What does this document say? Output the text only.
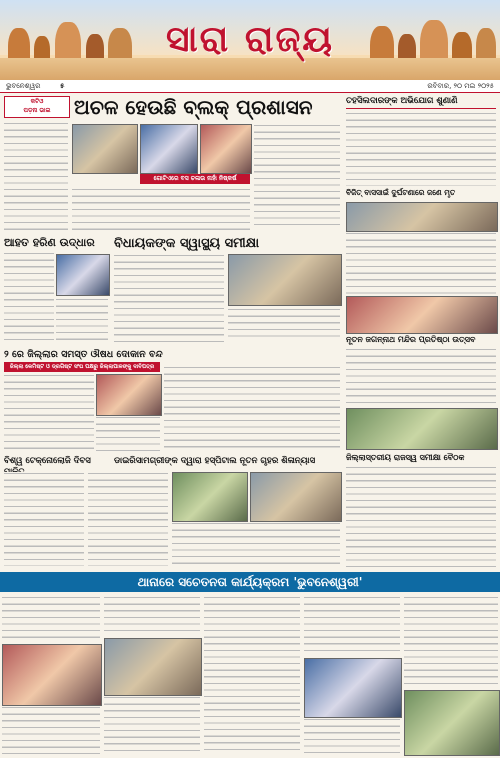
ସାରା ରାଜ୍ୟ
ଭୁବନେଶ୍ୱର	୫	ରବିବାର, ୨୦ ମଇ ୨୦୨୫
କଟିଓ
ପଡ଼ନା ଭାଇ	ଅଚଳ ହେଉଛି ବ୍ଲକ୍ ପ୍ରଶାସନ
ଗୋଟିଏରେ ବସ ଚଳାଉ ନାହାଁ ନିଷ୍କର୍ଷ
ତହସିଲଦାରଙ୍କ ଅଭିଯୋଗ ଶୁଣାଣି
ବିଜିତ୍ ବାସସାଇଁ ଦୁର୍ଘଟଣାରେ ଜଣେ ମୃତ
ନୂତନ ଜଗନ୍ନାଥ ମନ୍ଦିର ପ୍ରତିଷ୍ଠା ଉତ୍ସବ
ଜିଲ୍ଲାସ୍ତରୀୟ ରାଜସ୍ୱ ସମୀକ୍ଷା ବୈଠକ
ଆହତ ହରିଣ ଉଦ୍ଧାର	ବିଧାୟକଙ୍କ ସ୍ୱାସ୍ଥ୍ୟ ସମୀକ୍ଷା
୨ ରେ ଜିଲ୍ଲାର ସମସ୍ତ ଔଷଧ ଦୋକାନ ବନ୍ଦ
ଜିଲ୍ଲା କେମିଷ୍ଟ ଓ ଡ୍ରଗିଷ୍ଟ ସଂଘ ପକ୍ଷରୁ ଜିଲ୍ଲାପାଳଙ୍କୁ ଦାବିପତ୍ର
ବିଶ୍ୱ ଟେକ୍ନୋଲୋଜି ଦିବସ	ଡାଇରିସାମଗ୍ରୀଙ୍କ ଦ୍ୱାରା ହସ୍ପିଟାଲ ନୂତନ ଗୃହର ଶିଳାନ୍ୟାସ
ଥାନାରେ ସଚେତନତା କାର୍ଯ୍ୟକ୍ରମ 'ଭୁବନେଶ୍ୱରୀ'
